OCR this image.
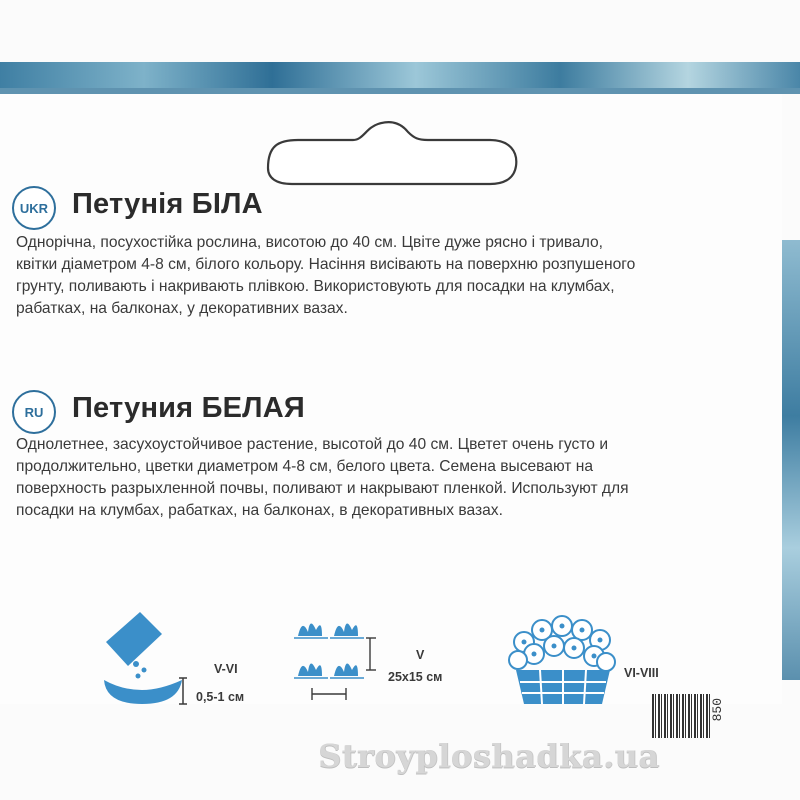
UKR Петунія БІЛА
Однорічна, посухостійка рослина, висотою до 40 см. Цвіте дуже рясно і тривало,
квітки діаметром 4-8 см, білого кольору. Насіння висівають на поверхню розпушеного
грунту, поливають і накривають плівкою. Використовують для посадки на клумбах,
рабатках, на балконах, у декоративних вазах.
RU Петуния БЕЛАЯ
Однолетнее, засухоустойчивое растение, высотой до 40 см. Цветет очень густо и
продолжительно, цветки диаметром 4-8 см, белого цвета. Семена высевают на
поверхность разрыхленной почвы, поливают и накрывают пленкой. Используют для
посадки на клумбах, рабатках, на балконах, в декоративных вазах.
V-VI
0,5-1 см
V
25x15 см	VI-VIII
850
Stroyploshadka.ua
